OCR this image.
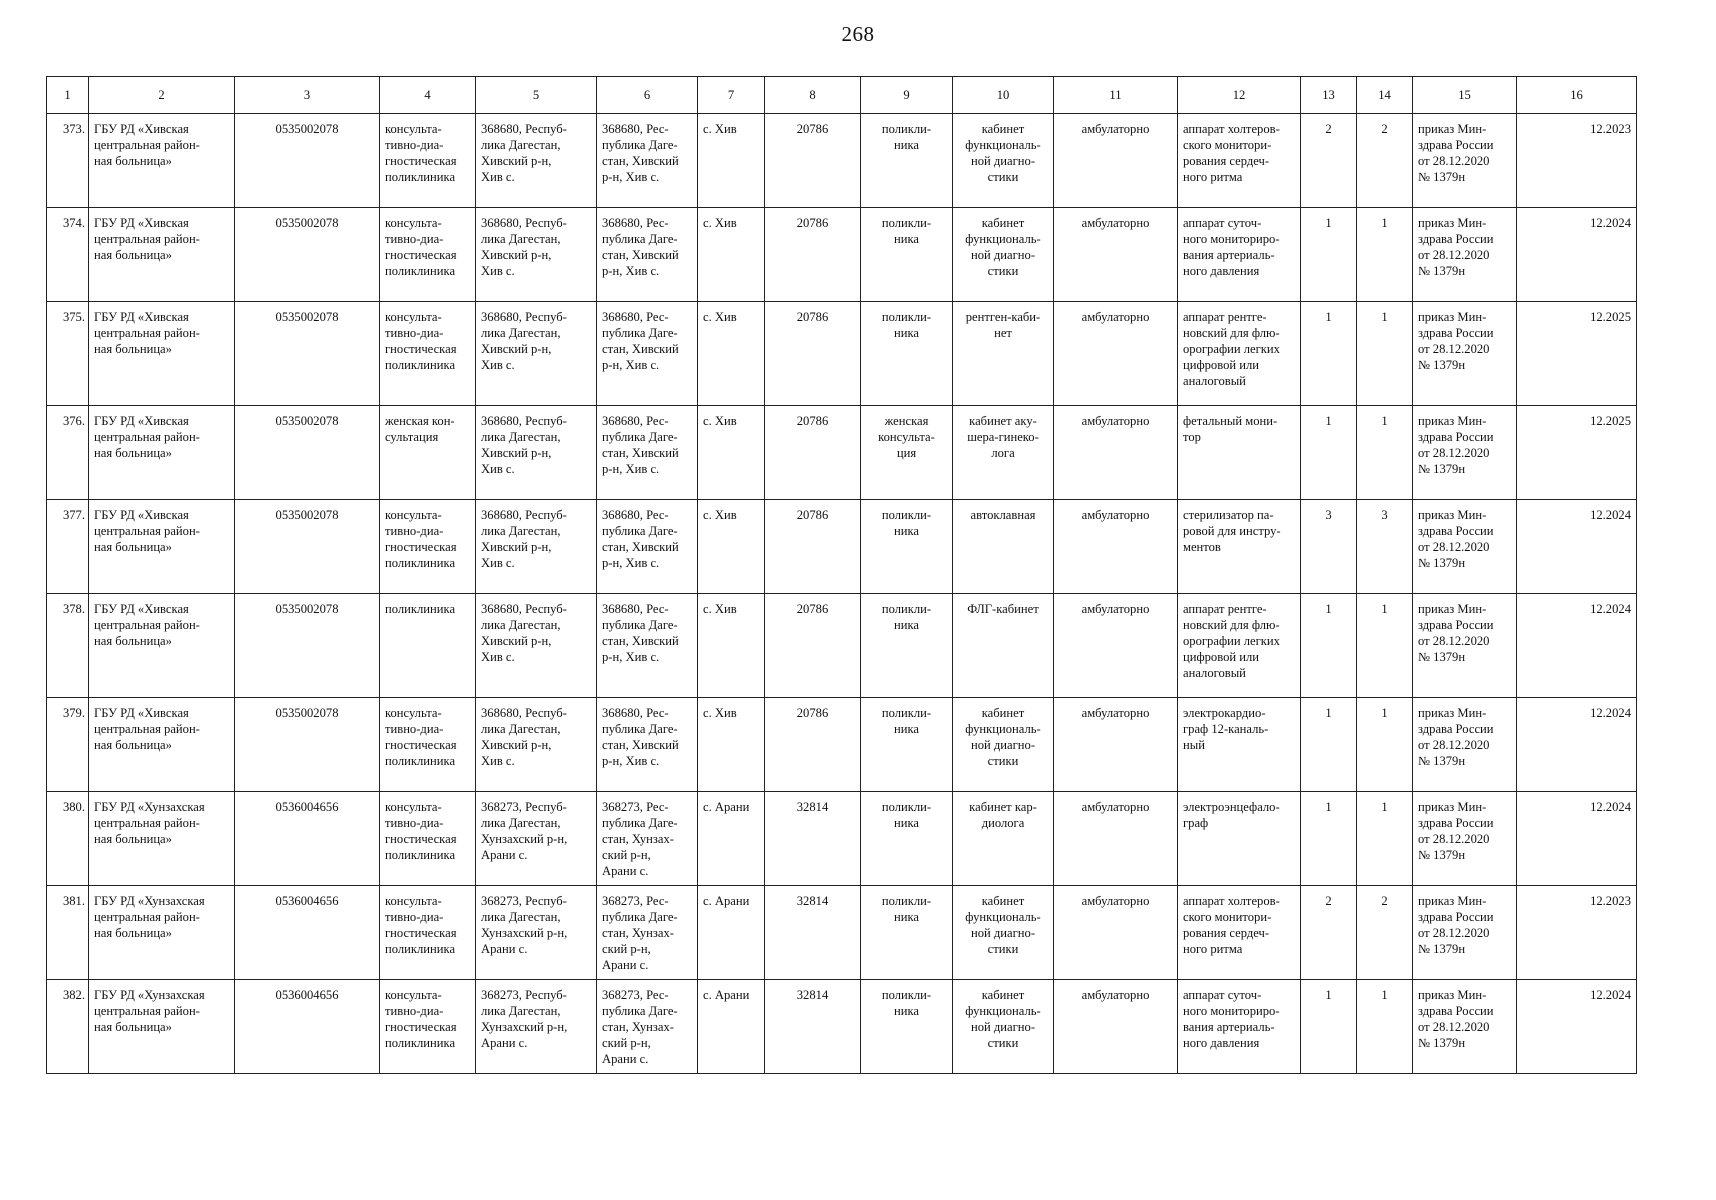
268
1	2	3	4	5	6	7	8	9	10	11	12	13	14	15	16
373.	ГБУ РД «Хивская
центральная район-
ная больница»	0535002078	консульта-
тивно-диа-
гностическая
поликлиника	368680, Респуб-
лика Дагестан,
Хивский р-н,
Хив с.	368680, Рес-
публика Даге-
стан, Хивский
р-н, Хив с.	с. Хив	20786	поликли-
ника	кабинет
функциональ-
ной диагно-
стики	амбулаторно	аппарат холтеров-
ского монитори-
рования сердеч-
ного ритма	2	2	приказ Мин-
здрава России
от 28.12.2020
№ 1379н	12.2023
374.	ГБУ РД «Хивская
центральная район-
ная больница»	0535002078	консульта-
тивно-диа-
гностическая
поликлиника	368680, Респуб-
лика Дагестан,
Хивский р-н,
Хив с.	368680, Рес-
публика Даге-
стан, Хивский
р-н, Хив с.	с. Хив	20786	поликли-
ника	кабинет
функциональ-
ной диагно-
стики	амбулаторно	аппарат суточ-
ного мониториро-
вания артериаль-
ного давления	1	1	приказ Мин-
здрава России
от 28.12.2020
№ 1379н	12.2024
375.	ГБУ РД «Хивская
центральная район-
ная больница»	0535002078	консульта-
тивно-диа-
гностическая
поликлиника	368680, Респуб-
лика Дагестан,
Хивский р-н,
Хив с.	368680, Рес-
публика Даге-
стан, Хивский
р-н, Хив с.	с. Хив	20786	поликли-
ника	рентген-каби-
нет	амбулаторно	аппарат рентге-
новский для флю-
орографии легких
цифровой или
аналоговый	1	1	приказ Мин-
здрава России
от 28.12.2020
№ 1379н	12.2025
376.	ГБУ РД «Хивская
центральная район-
ная больница»	0535002078	женская кон-
сультация	368680, Респуб-
лика Дагестан,
Хивский р-н,
Хив с.	368680, Рес-
публика Даге-
стан, Хивский
р-н, Хив с.	с. Хив	20786	женская
консульта-
ция	кабинет аку-
шера-гинеко-
лога	амбулаторно	фетальный мони-
тор	1	1	приказ Мин-
здрава России
от 28.12.2020
№ 1379н	12.2025
377.	ГБУ РД «Хивская
центральная район-
ная больница»	0535002078	консульта-
тивно-диа-
гностическая
поликлиника	368680, Респуб-
лика Дагестан,
Хивский р-н,
Хив с.	368680, Рес-
публика Даге-
стан, Хивский
р-н, Хив с.	с. Хив	20786	поликли-
ника	автоклавная	амбулаторно	стерилизатор па-
ровой для инстру-
ментов	3	3	приказ Мин-
здрава России
от 28.12.2020
№ 1379н	12.2024
378.	ГБУ РД «Хивская
центральная район-
ная больница»	0535002078	поликлиника	368680, Респуб-
лика Дагестан,
Хивский р-н,
Хив с.	368680, Рес-
публика Даге-
стан, Хивский
р-н, Хив с.	с. Хив	20786	поликли-
ника	ФЛГ-кабинет	амбулаторно	аппарат рентге-
новский для флю-
орографии легких
цифровой или
аналоговый	1	1	приказ Мин-
здрава России
от 28.12.2020
№ 1379н	12.2024
379.	ГБУ РД «Хивская
центральная район-
ная больница»	0535002078	консульта-
тивно-диа-
гностическая
поликлиника	368680, Респуб-
лика Дагестан,
Хивский р-н,
Хив с.	368680, Рес-
публика Даге-
стан, Хивский
р-н, Хив с.	с. Хив	20786	поликли-
ника	кабинет
функциональ-
ной диагно-
стики	амбулаторно	электрокардио-
граф 12-каналь-
ный	1	1	приказ Мин-
здрава России
от 28.12.2020
№ 1379н	12.2024
380.	ГБУ РД «Хунзахская
центральная район-
ная больница»	0536004656	консульта-
тивно-диа-
гностическая
поликлиника	368273, Респуб-
лика Дагестан,
Хунзахский р-н,
Арани с.	368273, Рес-
публика Даге-
стан, Хунзах-
ский р-н,
Арани с.	с. Арани	32814	поликли-
ника	кабинет кар-
диолога	амбулаторно	электроэнцефало-
граф	1	1	приказ Мин-
здрава России
от 28.12.2020
№ 1379н	12.2024
381.	ГБУ РД «Хунзахская
центральная район-
ная больница»	0536004656	консульта-
тивно-диа-
гностическая
поликлиника	368273, Респуб-
лика Дагестан,
Хунзахский р-н,
Арани с.	368273, Рес-
публика Даге-
стан, Хунзах-
ский р-н,
Арани с.	с. Арани	32814	поликли-
ника	кабинет
функциональ-
ной диагно-
стики	амбулаторно	аппарат холтеров-
ского монитори-
рования сердеч-
ного ритма	2	2	приказ Мин-
здрава России
от 28.12.2020
№ 1379н	12.2023
382.	ГБУ РД «Хунзахская
центральная район-
ная больница»	0536004656	консульта-
тивно-диа-
гностическая
поликлиника	368273, Респуб-
лика Дагестан,
Хунзахский р-н,
Арани с.	368273, Рес-
публика Даге-
стан, Хунзах-
ский р-н,
Арани с.	с. Арани	32814	поликли-
ника	кабинет
функциональ-
ной диагно-
стики	амбулаторно	аппарат суточ-
ного мониториро-
вания артериаль-
ного давления	1	1	приказ Мин-
здрава России
от 28.12.2020
№ 1379н	12.2024
